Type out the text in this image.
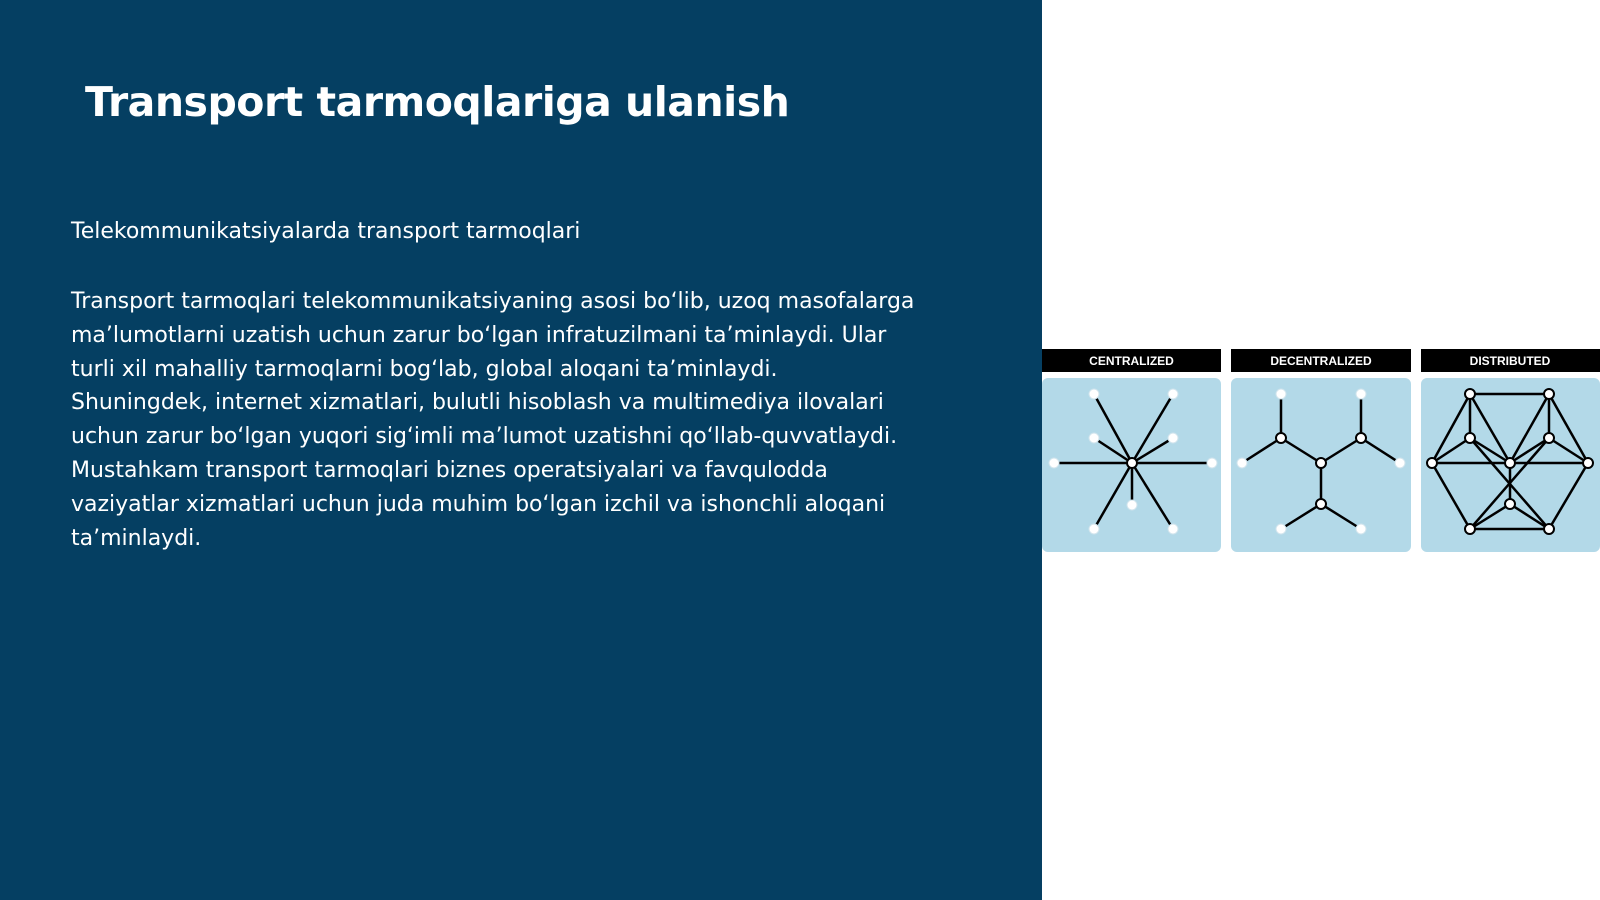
Transport tarmoqlariga ulanish

Telekommunikatsiyalarda transport tarmoqlari

Transport tarmoqlari telekommunikatsiyaning asosi bo‘lib, uzoq masofalarga ma’lumotlarni uzatish uchun zarur bo‘lgan infratuzilmani ta’minlaydi. Ular turli xil mahalliy tarmoqlarni bog‘lab, global aloqani ta’minlaydi. Shuningdek, internet xizmatlari, bulutli hisoblash va multimediya ilovalari uchun zarur bo‘lgan yuqori sig‘imli ma’lumot uzatishni qo‘llab-quvvatlaydi. Mustahkam transport tarmoqlari biznes operatsiyalari va favqulodda vaziyatlar xizmatlari uchun juda muhim bo‘lgan izchil va ishonchli aloqani ta’minlaydi.

CENTRALIZED	DECENTRALIZED	DISTRIBUTED
